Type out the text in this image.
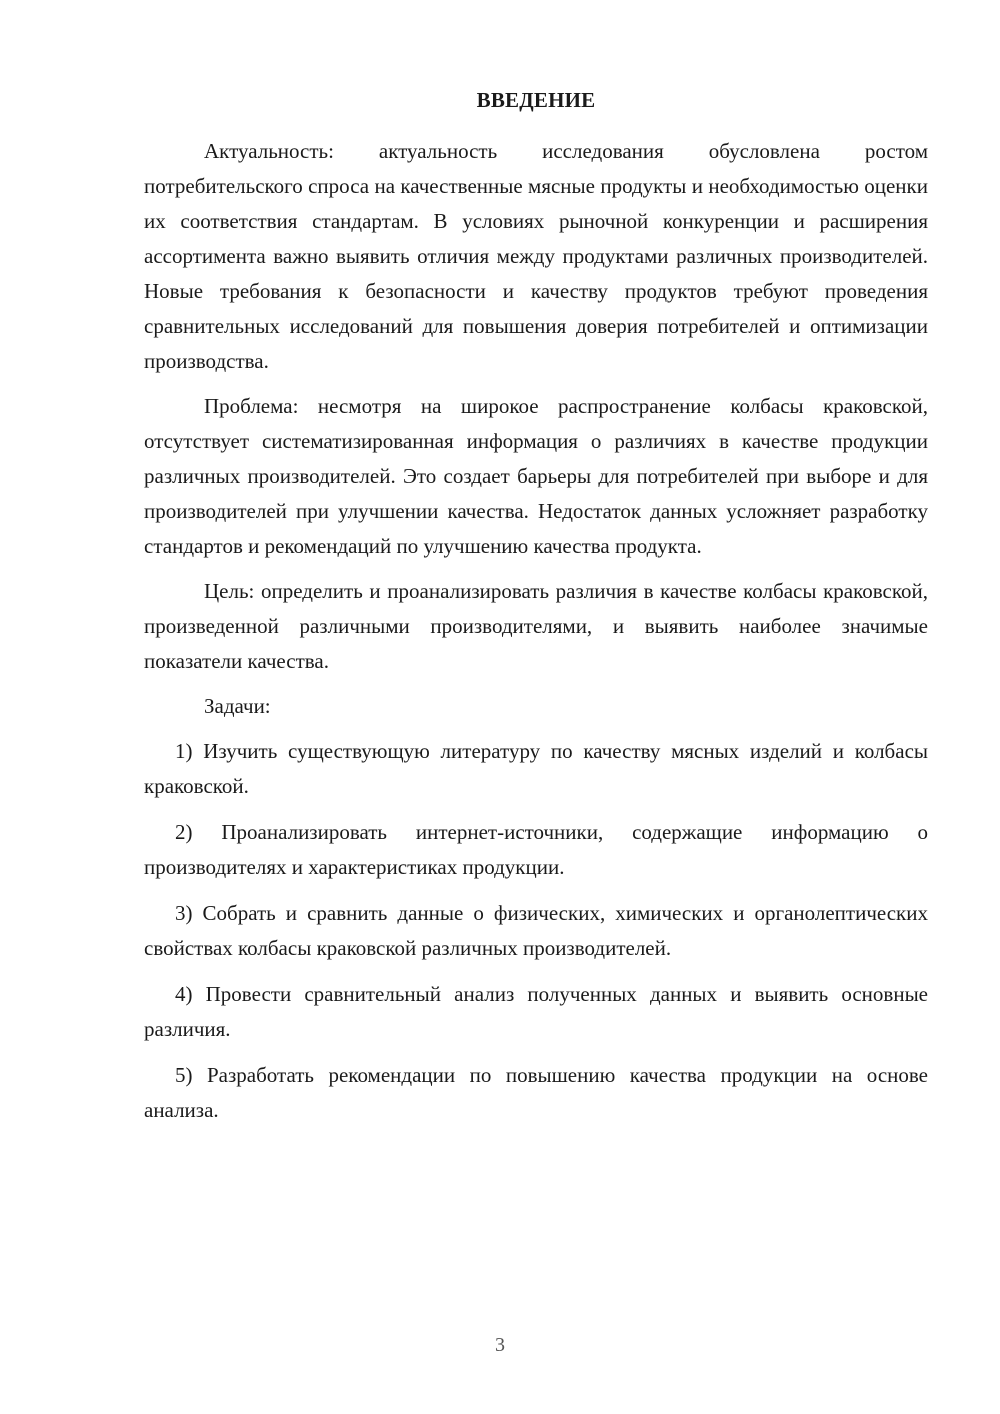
ВВЕДЕНИЕ

Актуальность: актуальность исследования обусловлена ростом потребительского спроса на качественные мясные продукты и необходимостью оценки их соответствия стандартам. В условиях рыночной конкуренции и расширения ассортимента важно выявить отличия между продуктами различных производителей. Новые требования к безопасности и качеству продуктов требуют проведения сравнительных исследований для повышения доверия потребителей и оптимизации производства.

Проблема: несмотря на широкое распространение колбасы краковской, отсутствует систематизированная информация о различиях в качестве продукции различных производителей. Это создает барьеры для потребителей при выборе и для производителей при улучшении качества. Недостаток данных усложняет разработку стандартов и рекомендаций по улучшению качества продукта.

Цель: определить и проанализировать различия в качестве колбасы краковской, произведенной различными производителями, и выявить наиболее значимые показатели качества.

Задачи:

1) Изучить существующую литературу по качеству мясных изделий и колбасы краковской.

2) Проанализировать интернет-источники, содержащие информацию о производителях и характеристиках продукции.

3) Собрать и сравнить данные о физических, химических и органолептических свойствах колбасы краковской различных производителей.

4) Провести сравнительный анализ полученных данных и выявить основные различия.

5) Разработать рекомендации по повышению качества продукции на основе анализа.

3
